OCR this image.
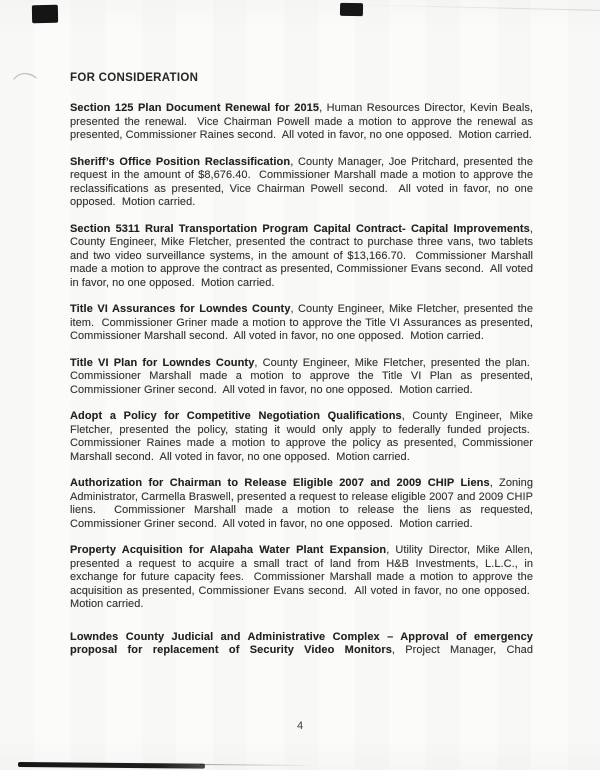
FOR CONSIDERATION

Section 125 Plan Document Renewal for 2015, Human Resources Director, Kevin Beals, presented the renewal.  Vice Chairman Powell made a motion to approve the renewal as presented, Commissioner Raines second.  All voted in favor, no one opposed.  Motion carried.

Sheriff’s Office Position Reclassification, County Manager, Joe Pritchard, presented the request in the amount of $8,676.40.  Commissioner Marshall made a motion to approve the reclassifications as presented, Vice Chairman Powell second.  All voted in favor, no one opposed.  Motion carried.

Section 5311 Rural Transportation Program Capital Contract- Capital Improvements, County Engineer, Mike Fletcher, presented the contract to purchase three vans, two tablets and two video surveillance systems, in the amount of $13,166.70.  Commissioner Marshall made a motion to approve the contract as presented, Commissioner Evans second.  All voted in favor, no one opposed.  Motion carried.

Title VI Assurances for Lowndes County, County Engineer, Mike Fletcher, presented the item.  Commissioner Griner made a motion to approve the Title VI Assurances as presented, Commissioner Marshall second.  All voted in favor, no one opposed.  Motion carried.

Title VI Plan for Lowndes County, County Engineer, Mike Fletcher, presented the plan.  Commissioner Marshall made a motion to approve the Title VI Plan as presented, Commissioner Griner second.  All voted in favor, no one opposed.  Motion carried.

Adopt a Policy for Competitive Negotiation Qualifications, County Engineer, Mike Fletcher, presented the policy, stating it would only apply to federally funded projects.  Commissioner Raines made a motion to approve the policy as presented, Commissioner Marshall second.  All voted in favor, no one opposed.  Motion carried.

Authorization for Chairman to Release Eligible 2007 and 2009 CHIP Liens, Zoning Administrator, Carmella Braswell, presented a request to release eligible 2007 and 2009 CHIP liens.  Commissioner Marshall made a motion to release the liens as requested, Commissioner Griner second.  All voted in favor, no one opposed.  Motion carried.

Property Acquisition for Alapaha Water Plant Expansion, Utility Director, Mike Allen, presented a request to acquire a small tract of land from H&B Investments, L.L.C., in exchange for future capacity fees.  Commissioner Marshall made a motion to approve the acquisition as presented, Commissioner Evans second.  All voted in favor, no one opposed.  Motion carried.

Lowndes County Judicial and Administrative Complex – Approval of emergency proposal for replacement of Security Video Monitors, Project Manager, Chad

4
